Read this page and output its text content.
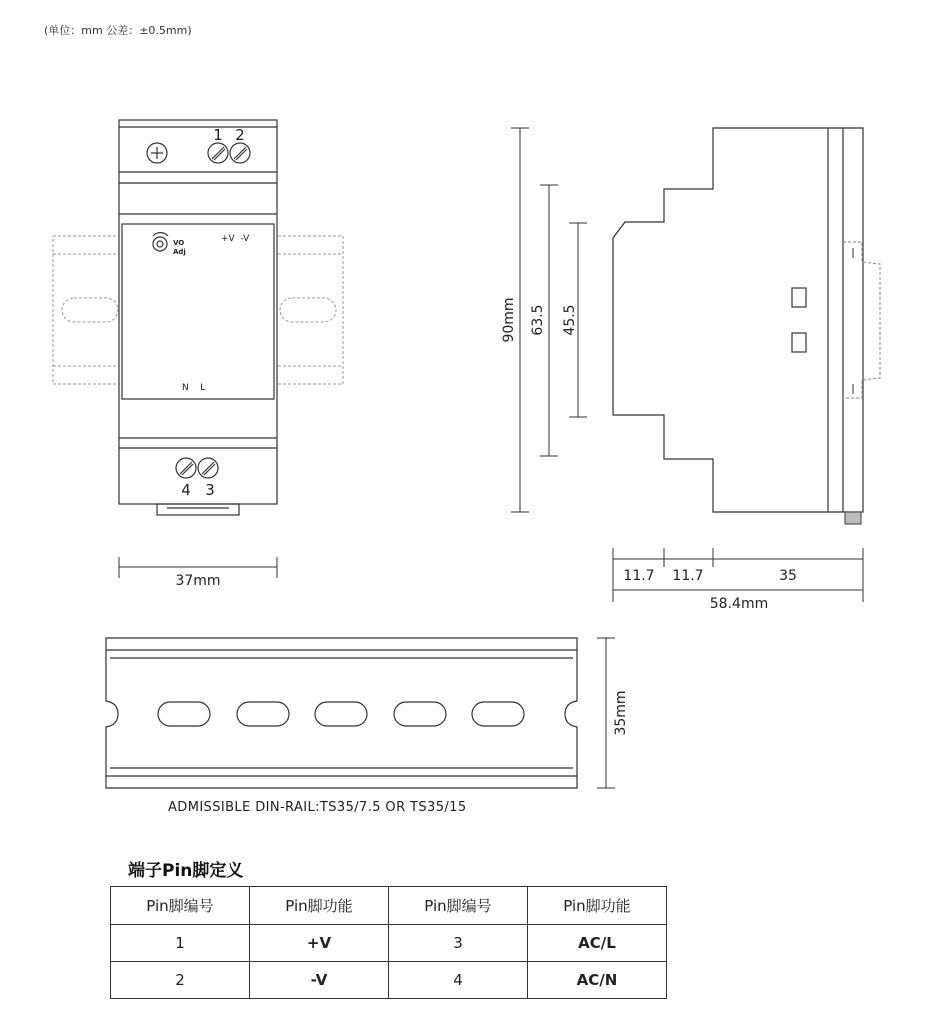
(单位：mm 公差：±0.5mm)
1 2
4 3
VO
Adj
+V  -V
N    L
37mm
90mm 63.5 45.5
11.7 11.7	35
58.4mm
35mm
ADMISSIBLE DIN-RAIL:TS35/7.5 OR TS35/15
端子Pin脚定义
Pin脚编号	Pin脚功能	Pin脚编号	Pin脚功能
1	+V	3	AC/L
2	-V	4	AC/N
